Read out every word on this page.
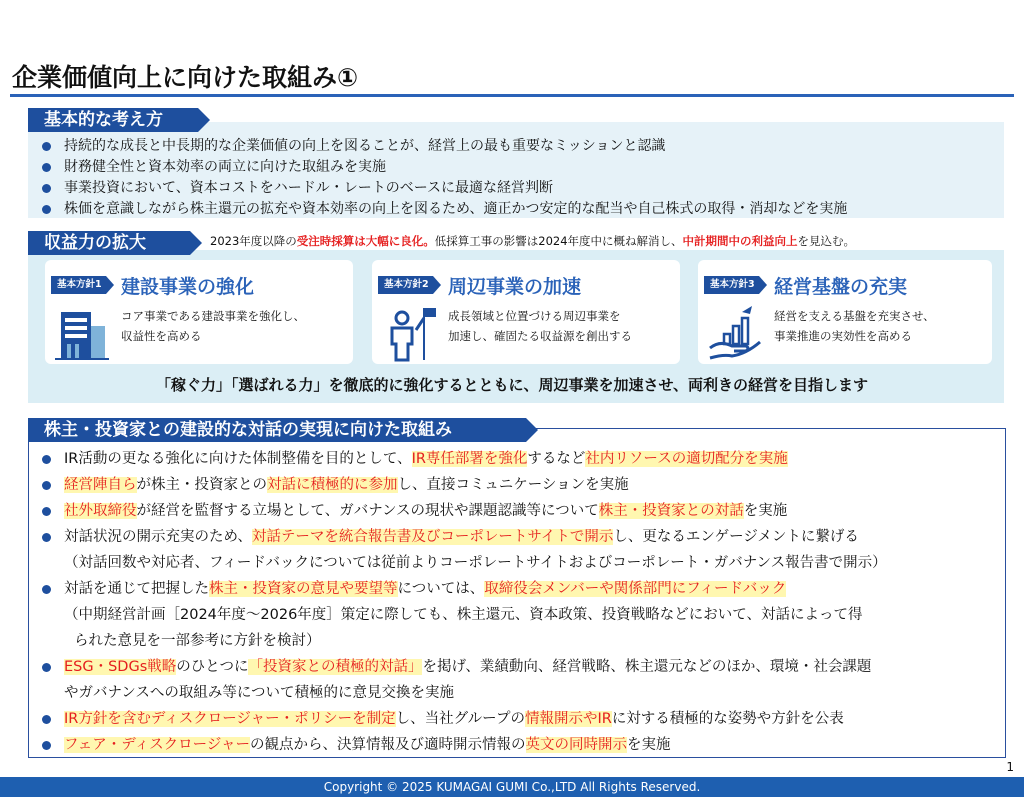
企業価値向上に向けた取組み①
基本的な考え方
持続的な成長と中長期的な企業価値の向上を図ることが、経営上の最も重要なミッションと認識
財務健全性と資本効率の両立に向けた取組みを実施
事業投資において、資本コストをハードル・レートのベースに最適な経営判断
株価を意識しながら株主還元の拡充や資本効率の向上を図るため、適正かつ安定的な配当や自己株式の取得・消却などを実施
収益力の拡大	2023年度以降の受注時採算は大幅に良化。低採算工事の影響は2024年度中に概ね解消し、中計期間中の利益向上を見込む。
基本方針1 建設事業の強化
コア事業である建設事業を強化し、
収益性を高める
基本方針2 周辺事業の加速
成長領域と位置づける周辺事業を
加速し、確固たる収益源を創出する
基本方針3 経営基盤の充実
経営を支える基盤を充実させ、
事業推進の実効性を高める
「稼ぐ力」「選ばれる力」を徹底的に強化するとともに、周辺事業を加速させ、両利きの経営を目指します
株主・投資家との建設的な対話の実現に向けた取組み
IR活動の更なる強化に向けた体制整備を目的として、IR専任部署を強化するなど社内リソースの適切配分を実施
経営陣自らが株主・投資家との対話に積極的に参加し、直接コミュニケーションを実施
社外取締役が経営を監督する立場として、ガバナンスの現状や課題認識等について株主・投資家との対話を実施
対話状況の開示充実のため、対話テーマを統合報告書及びコーポレートサイトで開示し、更なるエンゲージメントに繋げる
（対話回数や対応者、フィードバックについては従前よりコーポレートサイトおよびコーポレート・ガバナンス報告書で開示）
対話を通じて把握した株主・投資家の意見や要望等については、取締役会メンバーや関係部門にフィードバック
（中期経営計画［2024年度～2026年度］策定に際しても、株主還元、資本政策、投資戦略などにおいて、対話によって得
られた意見を一部参考に方針を検討）
ESG・SDGs戦略のひとつに「投資家との積極的対話」を掲げ、業績動向、経営戦略、株主還元などのほか、環境・社会課題
やガバナンスへの取組み等について積極的に意見交換を実施
IR方針を含むディスクロージャー・ポリシーを制定し、当社グループの情報開示やIRに対する積極的な姿勢や方針を公表
フェア・ディスクロージャーの観点から、決算情報及び適時開示情報の英文の同時開示を実施
1
Copyright © 2025 KUMAGAI GUMI Co.,LTD All Rights Reserved.
